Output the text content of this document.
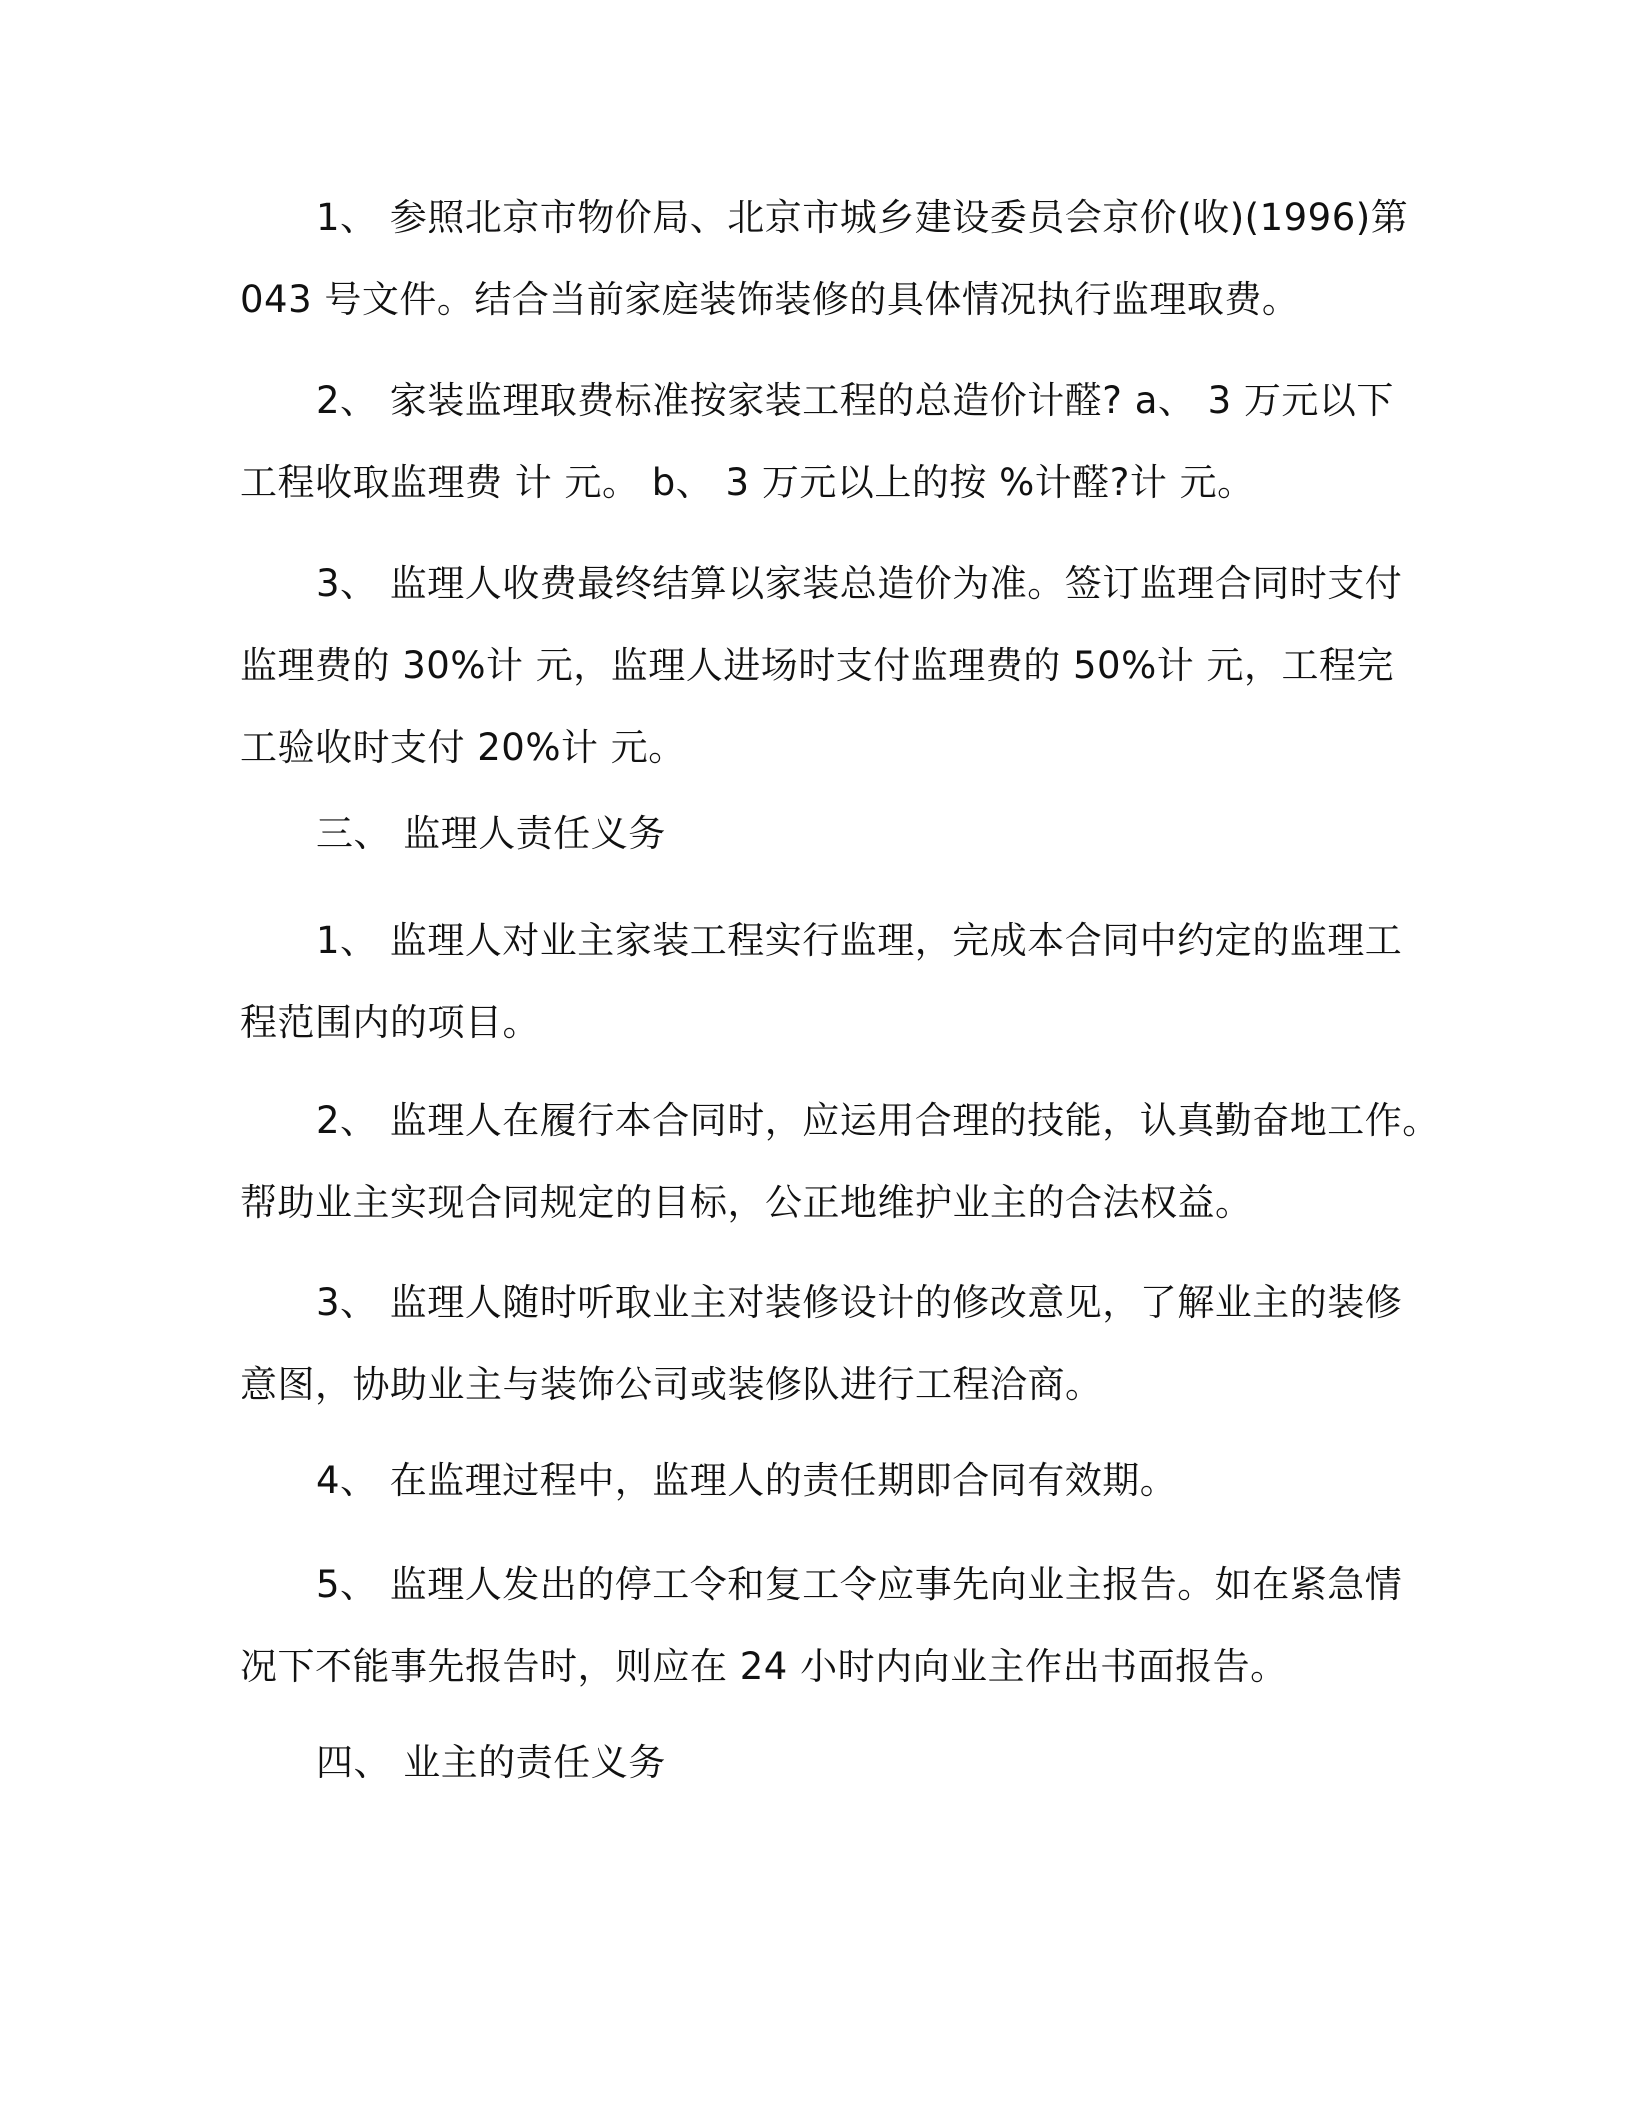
1、 参照北京市物价局、北京市城乡建设委员会京价(收)(1996)第
043 号文件。结合当前家庭装饰装修的具体情况执行监理取费。
2、 家装监理取费标准按家装工程的总造价计醛? a、 3 万元以下
工程收取监理费 计 元。 b、 3 万元以上的按 %计醛?计 元。
3、 监理人收费最终结算以家装总造价为准。签订监理合同时支付
监理费的 30%计 元，监理人进场时支付监理费的 50%计 元，工程完
工验收时支付 20%计 元。
三、 监理人责任义务
1、 监理人对业主家装工程实行监理，完成本合同中约定的监理工
程范围内的项目。
2、 监理人在履行本合同时，应运用合理的技能，认真勤奋地工作。
帮助业主实现合同规定的目标，公正地维护业主的合法权益。
3、 监理人随时听取业主对装修设计的修改意见，了解业主的装修
意图，协助业主与装饰公司或装修队进行工程洽商。
4、 在监理过程中，监理人的责任期即合同有效期。
5、 监理人发出的停工令和复工令应事先向业主报告。如在紧急情
况下不能事先报告时，则应在 24 小时内向业主作出书面报告。
四、 业主的责任义务
